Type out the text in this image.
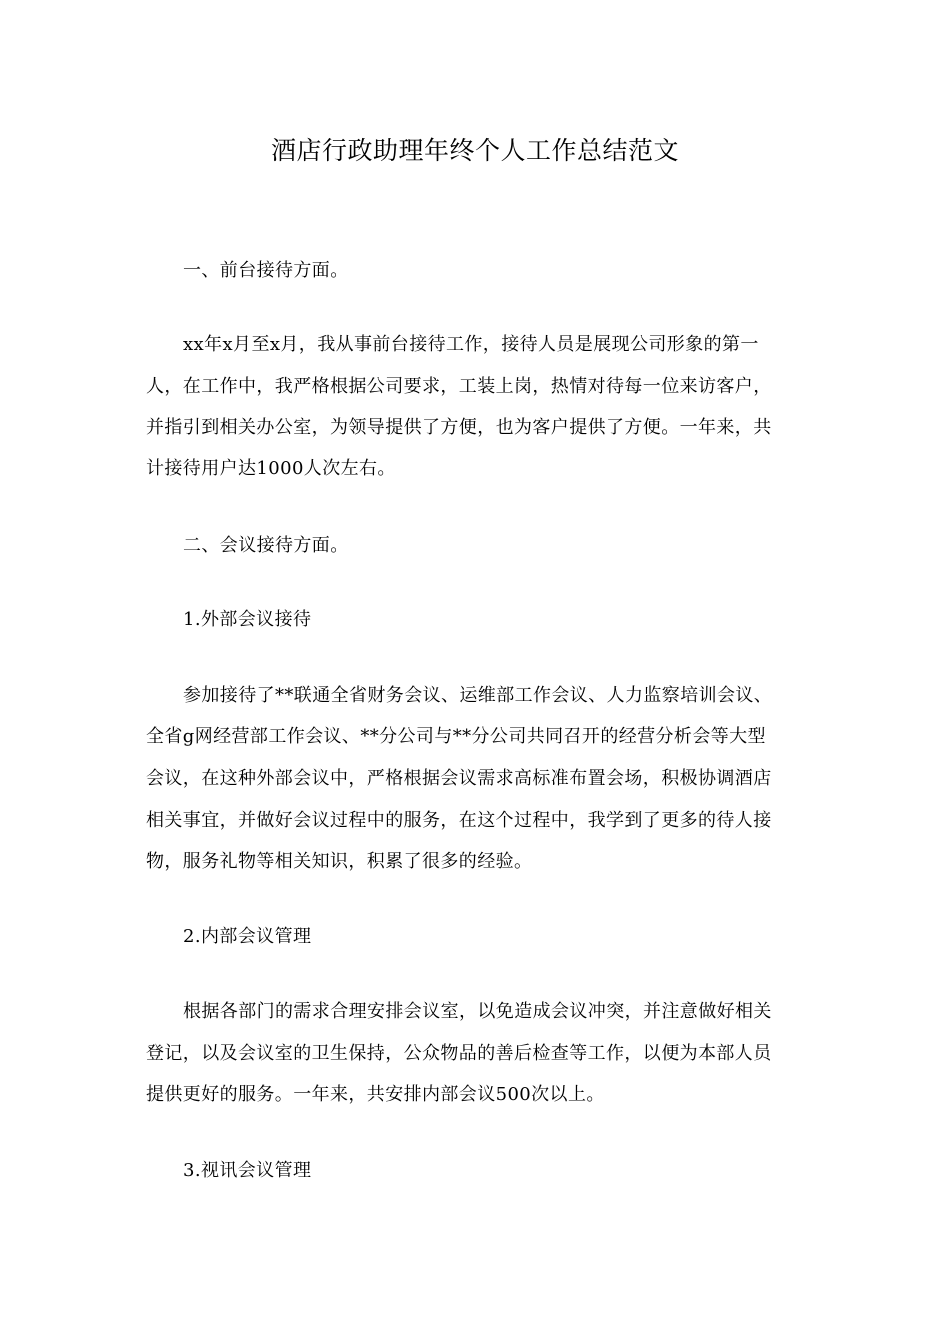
酒店行政助理年终个人工作总结范文
一、前台接待方面。
xx年x月至x月，我从事前台接待工作，接待人员是展现公司形象的第一
人，在工作中，我严格根据公司要求，工装上岗，热情对待每一位来访客户，
并指引到相关办公室，为领导提供了方便，也为客户提供了方便。一年来，共
计接待用户达1000人次左右。
二、会议接待方面。
1.外部会议接待
参加接待了**联通全省财务会议、运维部工作会议、人力监察培训会议、
全省g网经营部工作会议、**分公司与**分公司共同召开的经营分析会等大型
会议，在这种外部会议中，严格根据会议需求高标准布置会场，积极协调酒店
相关事宜，并做好会议过程中的服务，在这个过程中，我学到了更多的待人接
物，服务礼物等相关知识，积累了很多的经验。
2.内部会议管理
根据各部门的需求合理安排会议室，以免造成会议冲突，并注意做好相关
登记，以及会议室的卫生保持，公众物品的善后检查等工作，以便为本部人员
提供更好的服务。一年来，共安排内部会议500次以上。
3.视讯会议管理
